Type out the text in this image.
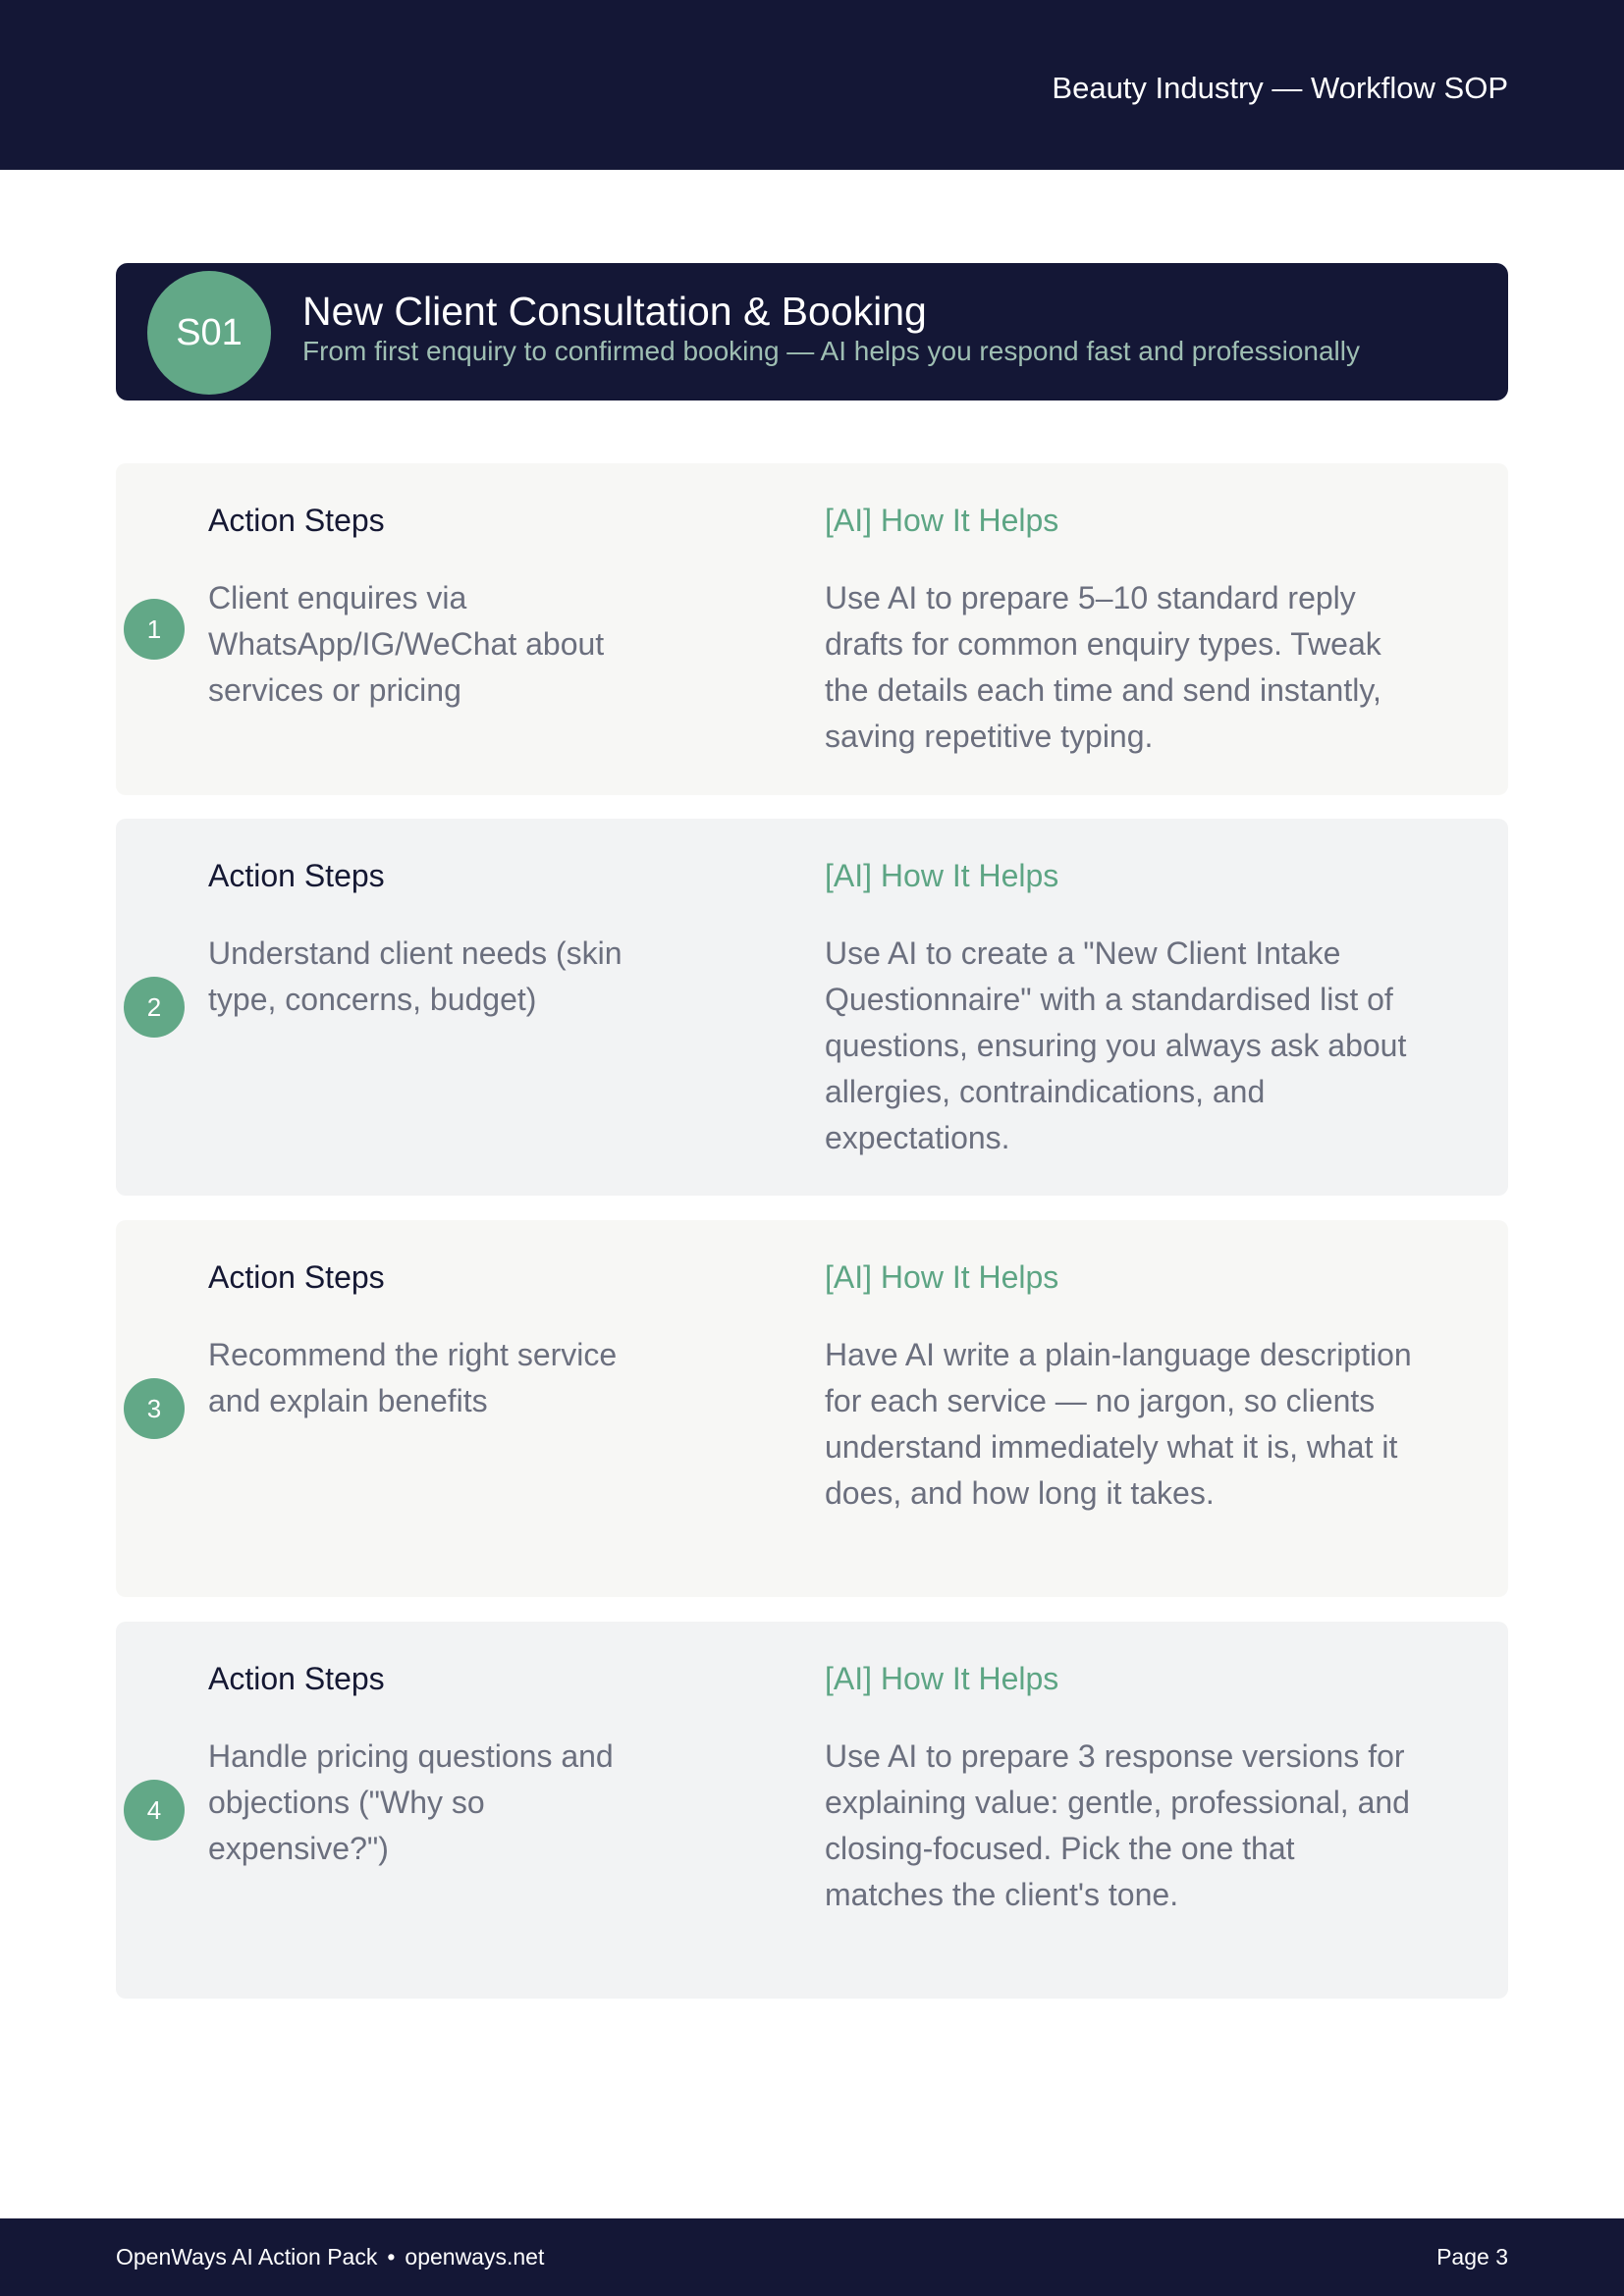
Beauty Industry — Workflow SOP
S01	New Client Consultation & Booking
From first enquiry to confirmed booking — AI helps you respond fast and professionally
1
Action Steps
Client enquires via WhatsApp/IG/WeChat about services or pricing
[AI] How It Helps
Use AI to prepare 5–10 standard reply drafts for common enquiry types. Tweak the details each time and send instantly, saving repetitive typing.
2
Action Steps
Understand client needs (skin type, concerns, budget)
[AI] How It Helps
Use AI to create a "New Client Intake Questionnaire" with a standardised list of questions, ensuring you always ask about allergies, contraindications, and expectations.
3
Action Steps
Recommend the right service and explain benefits
[AI] How It Helps
Have AI write a plain-language description for each service — no jargon, so clients understand immediately what it is, what it does, and how long it takes.
4
Action Steps
Handle pricing questions and objections ("Why so expensive?")
[AI] How It Helps
Use AI to prepare 3 response versions for explaining value: gentle, professional, and closing-focused. Pick the one that matches the client's tone.
OpenWays AI Action Pack • openways.net	Page 3
